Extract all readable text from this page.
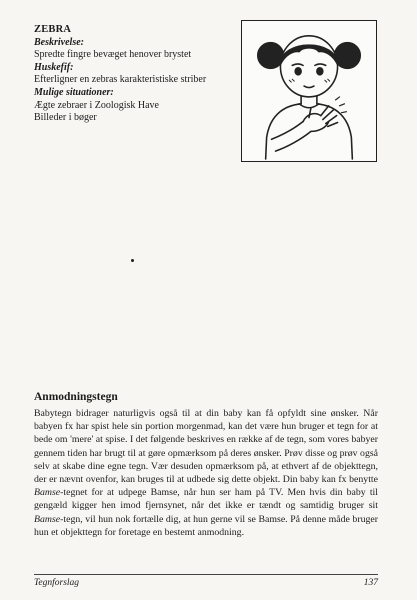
ZEBRA

Beskrivelse:

Spredte fingre bevæget henover brystet

Huskefif:

Efterligner en zebras karakteristiske striber

Mulige situationer:

Ægte zebraer i Zoologisk Have

Billeder i bøger

Anmodningstegn

Babytegn bidrager naturligvis også til at din baby kan få opfyldt sine ønsker. Når babyen fx har spist hele sin portion morgenmad, kan det være hun bruger et tegn for at bede om 'mere' at spise. I det følgende beskrives en række af de tegn, som vores babyer gennem tiden har brugt til at gøre opmærksom på deres ønsker. Prøv disse og prøv også selv at skabe dine egne tegn. Vær desuden opmærksom på, at ethvert af de objekttegn, der er nævnt ovenfor, kan bruges til at udbede sig dette objekt. Din baby kan fx benytte Bamse-tegnet for at udpege Bamse, når hun ser ham på TV. Men hvis din baby til gengæld kigger hen imod fjernsynet, når det ikke er tændt og samtidig bruger sit Bamse-tegn, vil hun nok fortælle dig, at hun gerne vil se Bamse. På denne måde bruger hun et objekttegn for foretage en bestemt anmodning.

Tegnforslag	137
